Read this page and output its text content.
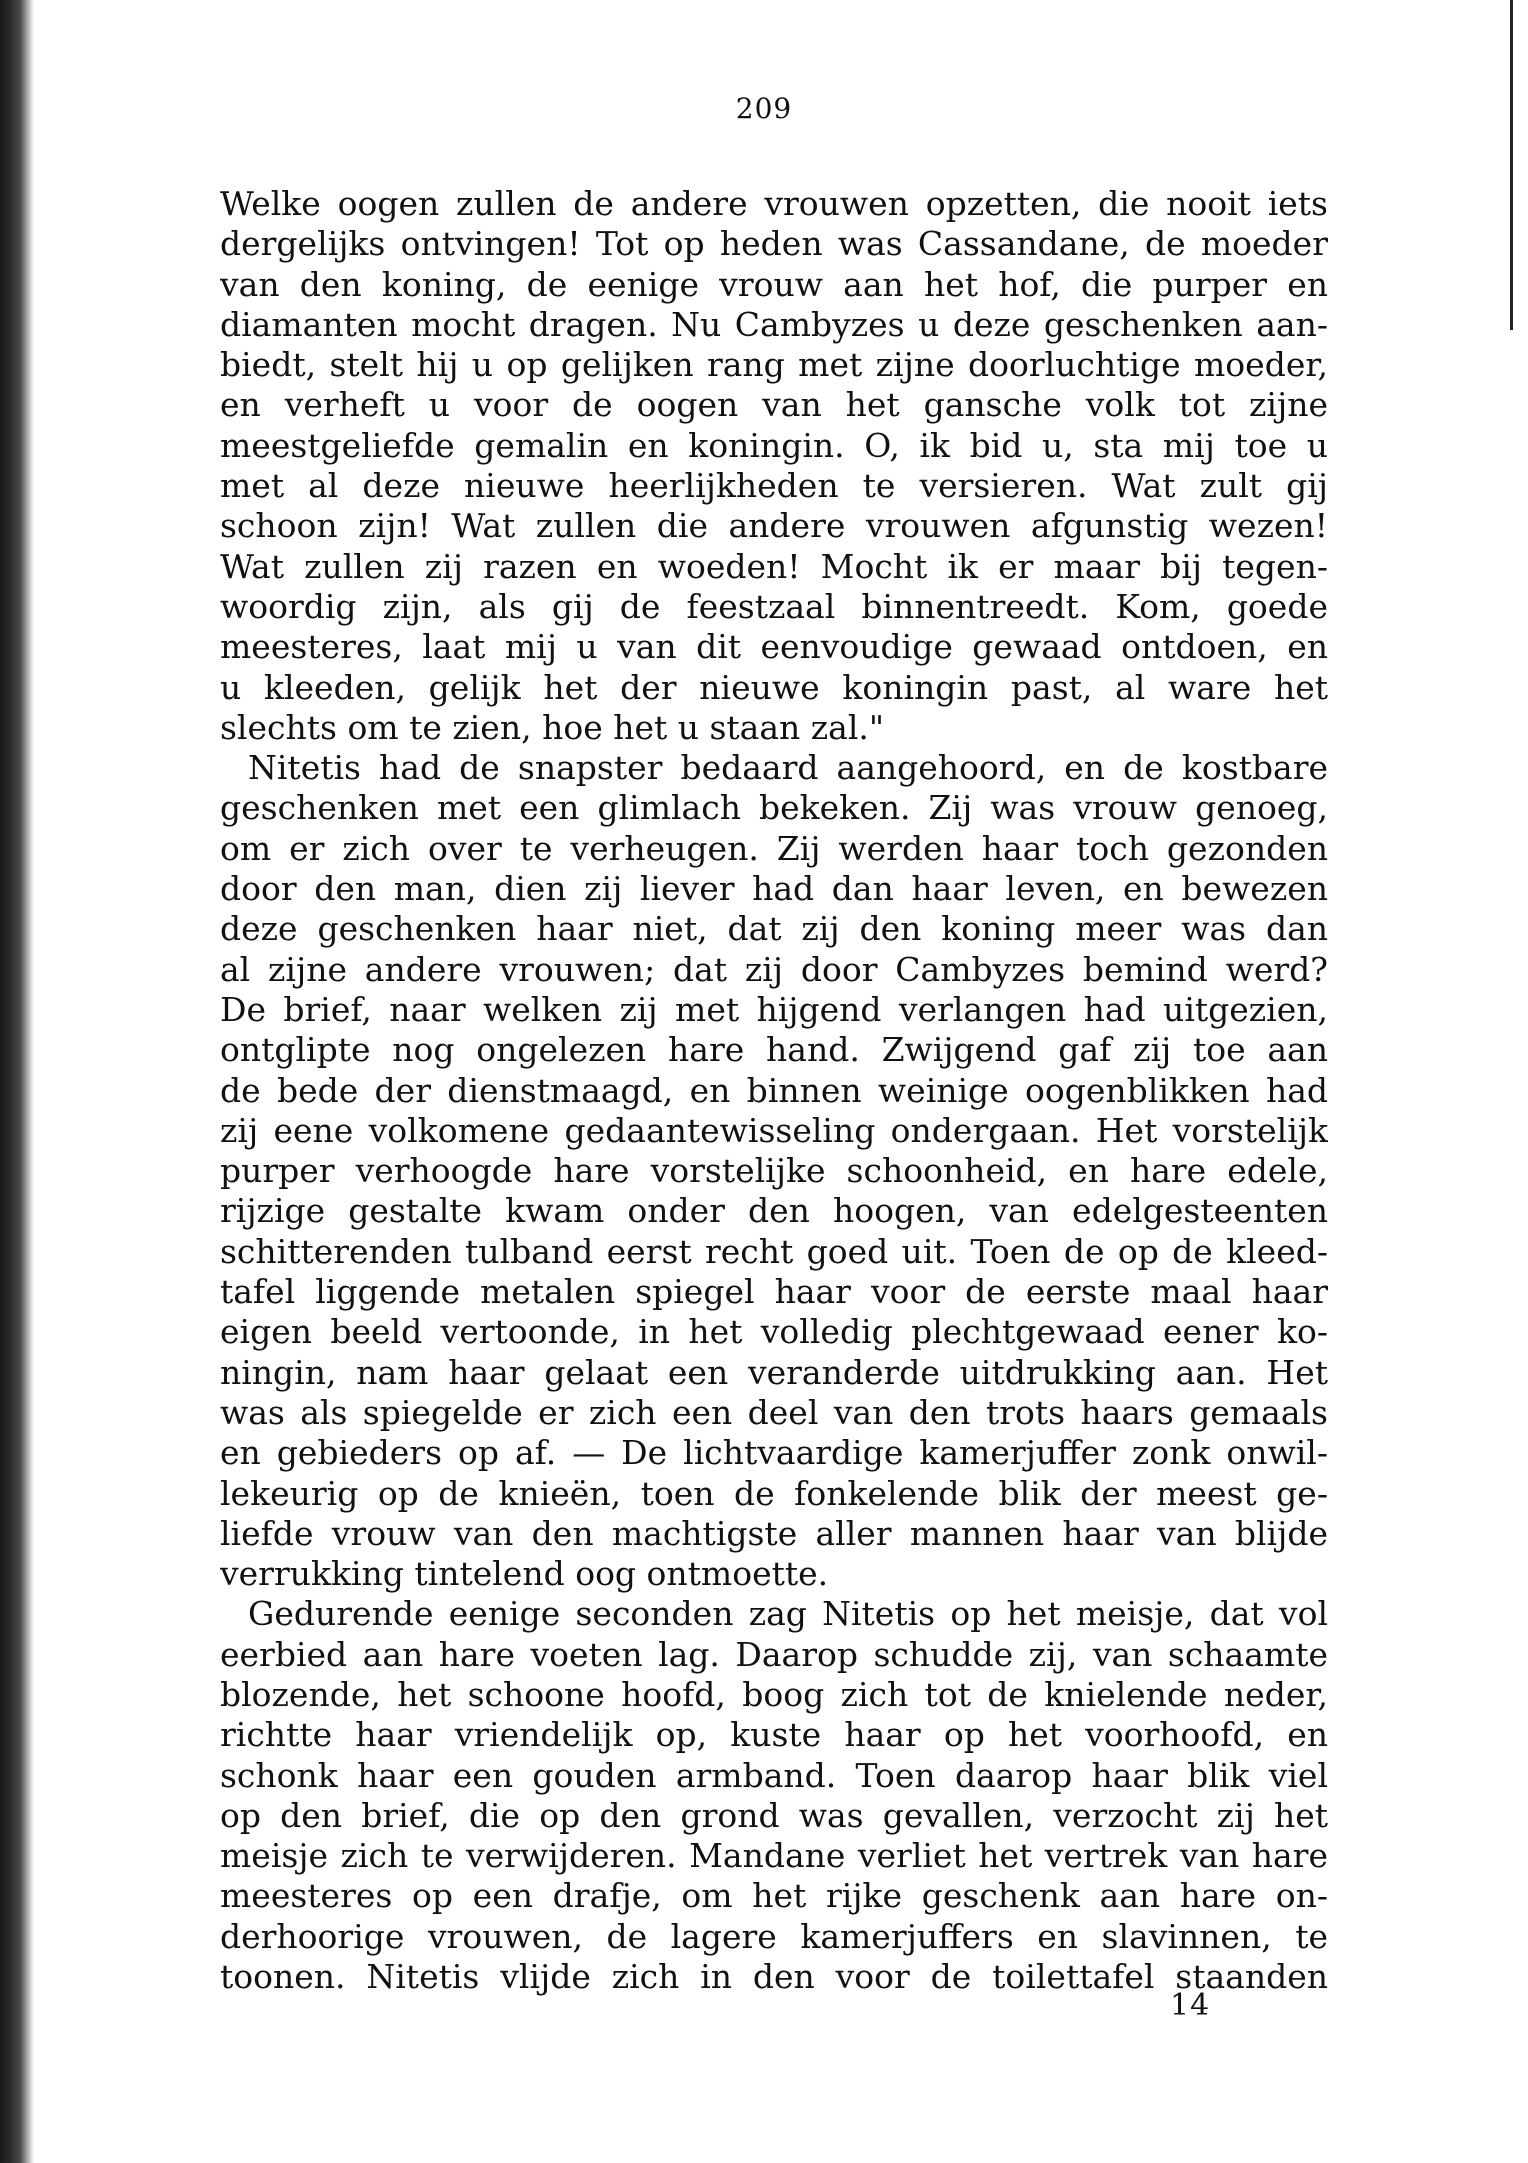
209
Welke oogen zullen de andere vrouwen opzetten, die nooit iets
dergelijks ontvingen! Tot op heden was Cassandane, de moeder
van den koning, de eenige vrouw aan het hof, die purper en
diamanten mocht dragen. Nu Cambyzes u deze geschenken aan-
biedt, stelt hij u op gelijken rang met zijne doorluchtige moeder,
en verheft u voor de oogen van het gansche volk tot zijne
meestgeliefde gemalin en koningin. O, ik bid u, sta mij toe u
met al deze nieuwe heerlijkheden te versieren. Wat zult gij
schoon zijn! Wat zullen die andere vrouwen afgunstig wezen!
Wat zullen zij razen en woeden! Mocht ik er maar bij tegen-
woordig zijn, als gij de feestzaal binnentreedt. Kom, goede
meesteres, laat mij u van dit eenvoudige gewaad ontdoen, en
u kleeden, gelijk het der nieuwe koningin past, al ware het
slechts om te zien, hoe het u staan zal."
Nitetis had de snapster bedaard aangehoord, en de kostbare
geschenken met een glimlach bekeken. Zij was vrouw genoeg,
om er zich over te verheugen. Zij werden haar toch gezonden
door den man, dien zij liever had dan haar leven, en bewezen
deze geschenken haar niet, dat zij den koning meer was dan
al zijne andere vrouwen; dat zij door Cambyzes bemind werd?
De brief, naar welken zij met hijgend verlangen had uitgezien,
ontglipte nog ongelezen hare hand. Zwijgend gaf zij toe aan
de bede der dienstmaagd, en binnen weinige oogenblikken had
zij eene volkomene gedaantewisseling ondergaan. Het vorstelijk
purper verhoogde hare vorstelijke schoonheid, en hare edele,
rijzige gestalte kwam onder den hoogen, van edelgesteenten
schitterenden tulband eerst recht goed uit. Toen de op de kleed-
tafel liggende metalen spiegel haar voor de eerste maal haar
eigen beeld vertoonde, in het volledig plechtgewaad eener ko-
ningin, nam haar gelaat een veranderde uitdrukking aan. Het
was als spiegelde er zich een deel van den trots haars gemaals
en gebieders op af. — De lichtvaardige kamerjuffer zonk onwil-
lekeurig op de knieën, toen de fonkelende blik der meest ge-
liefde vrouw van den machtigste aller mannen haar van blijde
verrukking tintelend oog ontmoette.
Gedurende eenige seconden zag Nitetis op het meisje, dat vol
eerbied aan hare voeten lag. Daarop schudde zij, van schaamte
blozende, het schoone hoofd, boog zich tot de knielende neder,
richtte haar vriendelijk op, kuste haar op het voorhoofd, en
schonk haar een gouden armband. Toen daarop haar blik viel
op den brief, die op den grond was gevallen, verzocht zij het
meisje zich te verwijderen. Mandane verliet het vertrek van hare
meesteres op een drafje, om het rijke geschenk aan hare on-
derhoorige vrouwen, de lagere kamerjuffers en slavinnen, te
toonen. Nitetis vlijde zich in den voor de toilettafel staanden
14
